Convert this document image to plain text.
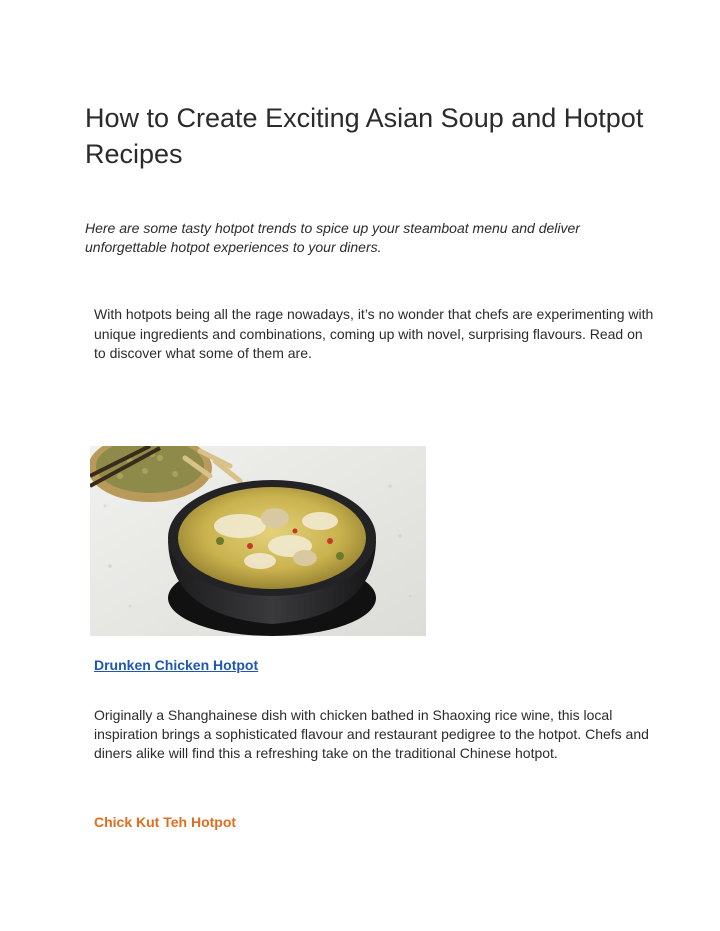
How to Create Exciting Asian Soup and Hotpot Recipes

Here are some tasty hotpot trends to spice up your steamboat menu and deliver unforgettable hotpot experiences to your diners.

With hotpots being all the rage nowadays, it’s no wonder that chefs are experimenting with unique ingredients and combinations, coming up with novel, surprising flavours. Read on to discover what some of them are.

Drunken Chicken Hotpot

Originally a Shanghainese dish with chicken bathed in Shaoxing rice wine, this local inspiration brings a sophisticated flavour and restaurant pedigree to the hotpot. Chefs and diners alike will find this a refreshing take on the traditional Chinese hotpot.

Chick Kut Teh Hotpot
